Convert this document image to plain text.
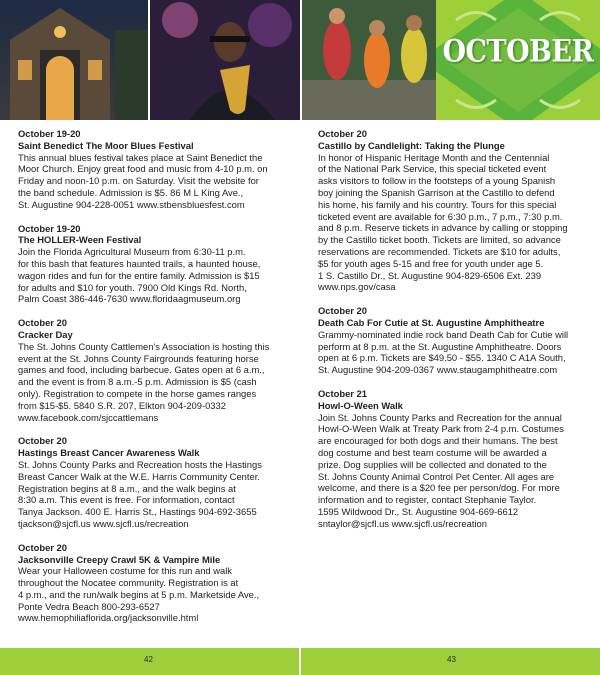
OCTOBER
October 19-20
Saint Benedict The Moor Blues Festival
This annual blues festival takes place at Saint Benedict the
Moor Church. Enjoy great food and music from 4-10 p.m. on
Friday and noon-10 p.m. on Saturday. Visit the website for
the band schedule. Admission is $5. 86 M L King Ave.,
St. Augustine 904-228-0051 www.stbensbluesfest.com
October 19-20
The HOLLER-Ween Festival
Join the Florida Agricultural Museum from 6:30-11 p.m.
for this bash that features haunted trails, a haunted house,
wagon rides and fun for the entire family. Admission is $15
for adults and $10 for youth. 7900 Old Kings Rd. North,
Palm Coast 386-446-7630 www.floridaagmuseum.org
October 20
Cracker Day
The St. Johns County Cattlemen's Association is hosting this
event at the St. Johns County Fairgrounds featuring horse
games and food, including barbecue. Gates open at 6 a.m.,
and the event is from 8 a.m.-5 p.m. Admission is $5 (cash
only). Registration to compete in the horse games ranges
from $15-$5. 5840 S.R. 207, Elkton 904-209-0332
www.facebook.com/sjccattlemans
October 20
Hastings Breast Cancer Awareness Walk
St. Johns County Parks and Recreation hosts the Hastings
Breast Cancer Walk at the W.E. Harris Community Center.
Registration begins at 8 a.m., and the walk begins at
8:30 a.m. This event is free. For information, contact
Tanya Jackson. 400 E. Harris St., Hastings 904-692-3655
tjackson@sjcfl.us www.sjcfl.us/recreation
October 20
Jacksonville Creepy Crawl 5K & Vampire Mile
Wear your Halloween costume for this run and walk
throughout the Nocatee community. Registration is at
4 p.m., and the run/walk begins at 5 p.m. Marketside Ave.,
Ponte Vedra Beach 800-293-6527
www.hemophiliaflorida.org/jacksonville.html
October 20
Castillo by Candlelight: Taking the Plunge
In honor of Hispanic Heritage Month and the Centennial
of the National Park Service, this special ticketed event
asks visitors to follow in the footsteps of a young Spanish
boy joining the Spanish Garrison at the Castillo to defend
his home, his family and his country. Tours for this special
ticketed event are available for 6:30 p.m., 7 p.m., 7:30 p.m.
and 8 p.m. Reserve tickets in advance by calling or stopping
by the Castillo ticket booth. Tickets are limited, so advance
reservations are recommended. Tickets are $10 for adults,
$5 for youth ages 5-15 and free for youth under age 5.
1 S. Castillo Dr., St. Augustine 904-829-6506 Ext. 239
www.nps.gov/casa
October 20
Death Cab For Cutie at St. Augustine Amphitheatre
Grammy-nominated indie rock band Death Cab for Cutie will
perform at 8 p.m. at the St. Augustine Amphitheatre. Doors
open at 6 p.m. Tickets are $49.50 - $55. 1340 C A1A South,
St. Augustine 904-209-0367 www.staugamphitheatre.com
October 21
Howl-O-Ween Walk
Join St. Johns County Parks and Recreation for the annual
Howl-O-Ween Walk at Treaty Park from 2-4 p.m. Costumes
are encouraged for both dogs and their humans. The best
dog costume and best team costume will be awarded a
prize. Dog supplies will be collected and donated to the
St. Johns County Animal Control Pet Center. All ages are
welcome, and there is a $20 fee per person/dog. For more
information and to register, contact Stephanie Taylor.
1595 Wildwood Dr., St. Augustine 904-669-6612
sntaylor@sjcfl.us www.sjcfl.us/recreation
42	43
